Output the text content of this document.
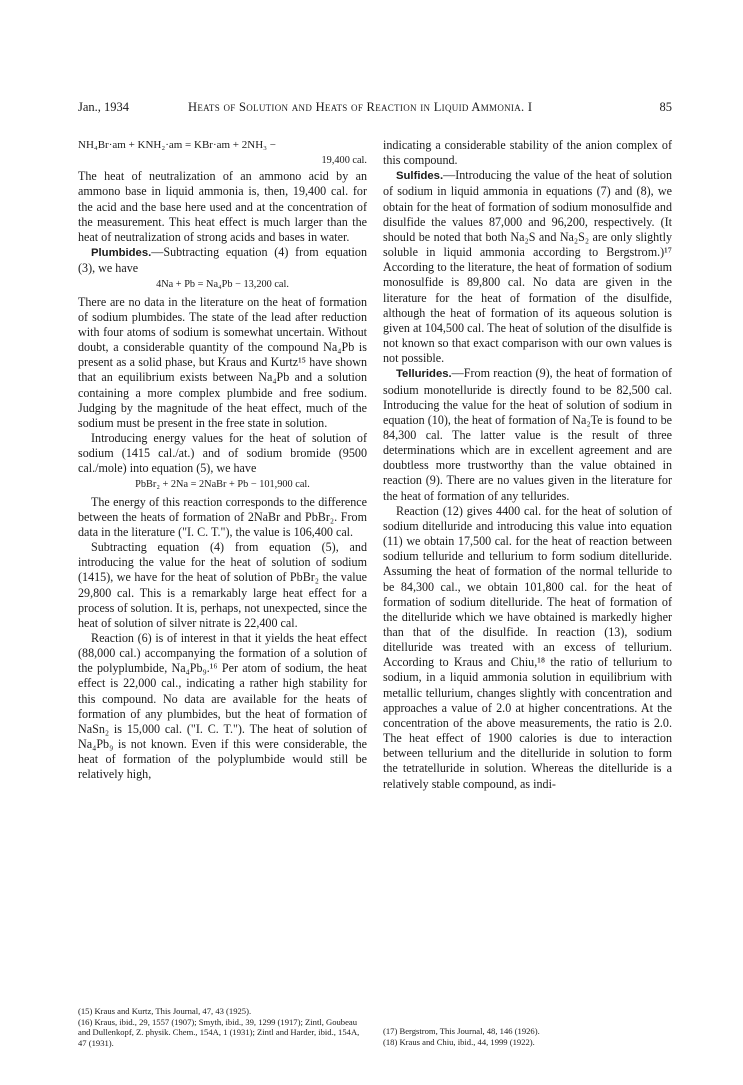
Jan., 1934	Heats of Solution and Heats of Reaction in Liquid Ammonia. I	85

NH₄Br·am + KNH₂·am = KBr·am + 2NH₃ −

19,400 cal.

The heat of neutralization of an ammono acid by an ammono base in liquid ammonia is, then, 19,400 cal. for the acid and the base here used and at the concentration of the measurement. This heat effect is much larger than the heat of neutralization of strong acids and bases in water.

Plumbides.—Subtracting equation (4) from equation (3), we have

4Na + Pb = Na₄Pb − 13,200 cal.

There are no data in the literature on the heat of formation of sodium plumbides. The state of the lead after reduction with four atoms of sodium is somewhat uncertain. Without doubt, a considerable quantity of the compound Na₄Pb is present as a solid phase, but Kraus and Kurtz¹⁵ have shown that an equilibrium exists between Na₄Pb and a solution containing a more complex plumbide and free sodium. Judging by the magnitude of the heat effect, much of the sodium must be present in the free state in solution.

Introducing energy values for the heat of solution of sodium (1415 cal./at.) and of sodium bromide (9500 cal./mole) into equation (5), we have

PbBr₂ + 2Na = 2NaBr + Pb − 101,900 cal.

The energy of this reaction corresponds to the difference between the heats of formation of 2NaBr and PbBr₂. From data in the literature ("I. C. T."), the value is 106,400 cal.

Subtracting equation (4) from equation (5), and introducing the value for the heat of solution of sodium (1415), we have for the heat of solution of PbBr₂ the value 29,800 cal. This is a remarkably large heat effect for a process of solution. It is, perhaps, not unexpected, since the heat of solution of silver nitrate is 22,400 cal.

Reaction (6) is of interest in that it yields the heat effect (88,000 cal.) accompanying the formation of a solution of the polyplumbide, Na₄Pb₉.¹⁶ Per atom of sodium, the heat effect is 22,000 cal., indicating a rather high stability for this compound. No data are available for the heats of formation of any plumbides, but the heat of formation of NaSn₂ is 15,000 cal. ("I. C. T."). The heat of solution of Na₄Pb₉ is not known. Even if this were considerable, the heat of formation of the polyplumbide would still be relatively high,

indicating a considerable stability of the anion complex of this compound.

Sulfides.—Introducing the value of the heat of solution of sodium in liquid ammonia in equations (7) and (8), we obtain for the heat of formation of sodium monosulfide and disulfide the values 87,000 and 96,200, respectively. (It should be noted that both Na₂S and Na₂S₂ are only slightly soluble in liquid ammonia according to Bergstrom.)¹⁷ According to the literature, the heat of formation of sodium monosulfide is 89,800 cal. No data are given in the literature for the heat of formation of the disulfide, although the heat of formation of its aqueous solution is given at 104,500 cal. The heat of solution of the disulfide is not known so that exact comparison with our own values is not possible.

Tellurides.—From reaction (9), the heat of formation of sodium monotelluride is directly found to be 82,500 cal. Introducing the value for the heat of solution of sodium in equation (10), the heat of formation of Na₂Te is found to be 84,300 cal. The latter value is the result of three determinations which are in excellent agreement and are doubtless more trustworthy than the value obtained in reaction (9). There are no values given in the literature for the heat of formation of any tellurides.

Reaction (12) gives 4400 cal. for the heat of solution of sodium ditelluride and introducing this value into equation (11) we obtain 17,500 cal. for the heat of reaction between sodium telluride and tellurium to form sodium ditelluride. Assuming the heat of formation of the normal telluride to be 84,300 cal., we obtain 101,800 cal. for the heat of formation of sodium ditelluride. The heat of formation of the ditelluride which we have obtained is markedly higher than that of the disulfide. In reaction (13), sodium ditelluride was treated with an excess of tellurium. According to Kraus and Chiu,¹⁸ the ratio of tellurium to sodium, in a liquid ammonia solution in equilibrium with metallic tellurium, changes slightly with concentration and approaches a value of 2.0 at higher concentrations. At the concentration of the above measurements, the ratio is 2.0. The heat effect of 1900 calories is due to interaction between tellurium and the ditelluride in solution to form the tetratelluride in solution. Whereas the ditelluride is a relatively stable compound, as indi-

(15) Kraus and Kurtz, This Journal, 47, 43 (1925).

(16) Kraus, ibid., 29, 1557 (1907); Smyth, ibid., 39, 1299 (1917); Zintl, Goubeau and Dullenkopf, Z. physik. Chem., 154A, 1 (1931); Zintl and Harder, ibid., 154A, 47 (1931).

(17) Bergstrom, This Journal, 48, 146 (1926).

(18) Kraus and Chiu, ibid., 44, 1999 (1922).
